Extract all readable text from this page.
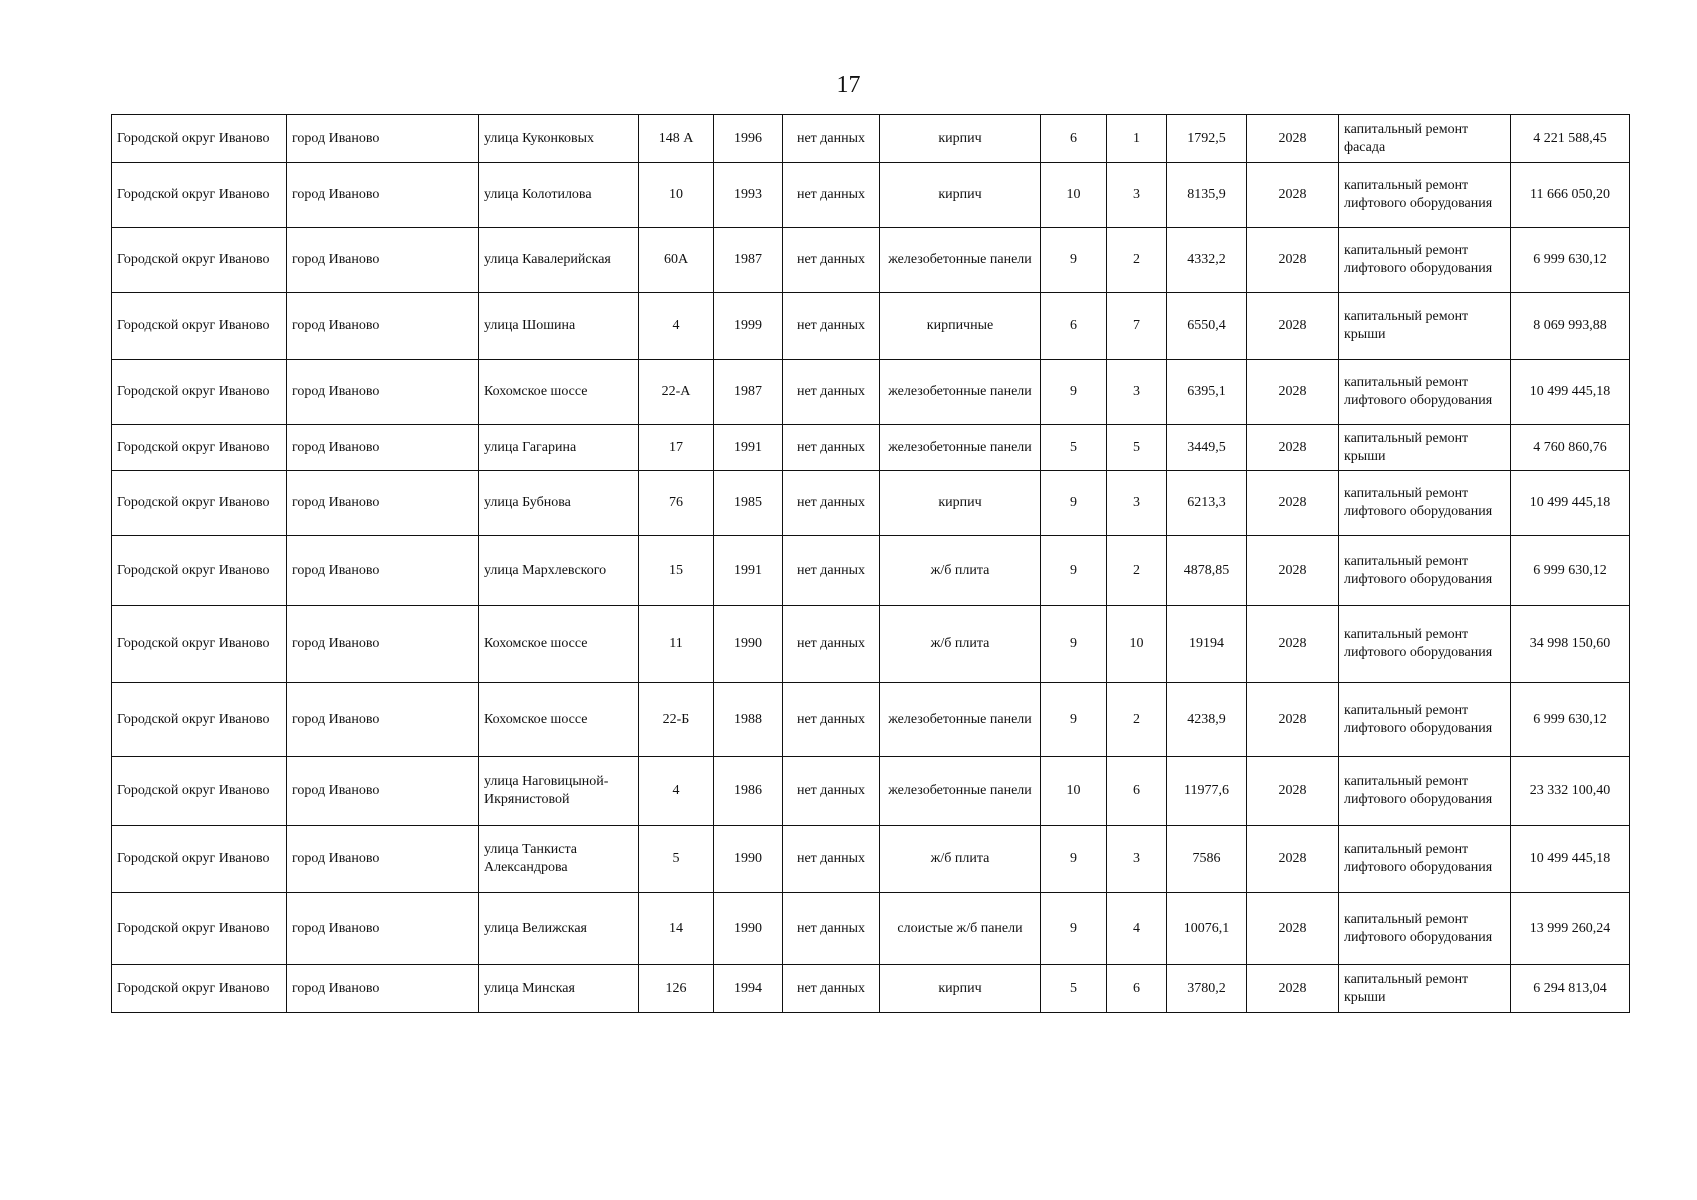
17
Городской округ Иваново	город Иваново	улица Куконковых	148 А	1996	нет данных	кирпич	6	1	1792,5	2028	капитальный ремонт фасада	4 221 588,45
Городской округ Иваново	город Иваново	улица Колотилова	10	1993	нет данных	кирпич	10	3	8135,9	2028	капитальный ремонт лифтового оборудования	11 666 050,20
Городской округ Иваново	город Иваново	улица Кавалерийская	60А	1987	нет данных	железобетонные панели	9	2	4332,2	2028	капитальный ремонт лифтового оборудования	6 999 630,12
Городской округ Иваново	город Иваново	улица Шошина	4	1999	нет данных	кирпичные	6	7	6550,4	2028	капитальный ремонт крыши	8 069 993,88
Городской округ Иваново	город Иваново	Кохомское шоссе	22-А	1987	нет данных	железобетонные панели	9	3	6395,1	2028	капитальный ремонт лифтового оборудования	10 499 445,18
Городской округ Иваново	город Иваново	улица Гагарина	17	1991	нет данных	железобетонные панели	5	5	3449,5	2028	капитальный ремонт крыши	4 760 860,76
Городской округ Иваново	город Иваново	улица Бубнова	76	1985	нет данных	кирпич	9	3	6213,3	2028	капитальный ремонт лифтового оборудования	10 499 445,18
Городской округ Иваново	город Иваново	улица Мархлевского	15	1991	нет данных	ж/б плита	9	2	4878,85	2028	капитальный ремонт лифтового оборудования	6 999 630,12
Городской округ Иваново	город Иваново	Кохомское шоссе	11	1990	нет данных	ж/б плита	9	10	19194	2028	капитальный ремонт лифтового оборудования	34 998 150,60
Городской округ Иваново	город Иваново	Кохомское шоссе	22-Б	1988	нет данных	железобетонные панели	9	2	4238,9	2028	капитальный ремонт лифтового оборудования	6 999 630,12
Городской округ Иваново	город Иваново	улица Наговицыной-Икрянистовой	4	1986	нет данных	железобетонные панели	10	6	11977,6	2028	капитальный ремонт лифтового оборудования	23 332 100,40
Городской округ Иваново	город Иваново	улица Танкиста Александрова	5	1990	нет данных	ж/б плита	9	3	7586	2028	капитальный ремонт лифтового оборудования	10 499 445,18
Городской округ Иваново	город Иваново	улица Велижская	14	1990	нет данных	слоистые ж/б панели	9	4	10076,1	2028	капитальный ремонт лифтового оборудования	13 999 260,24
Городской округ Иваново	город Иваново	улица Минская	126	1994	нет данных	кирпич	5	6	3780,2	2028	капитальный ремонт крыши	6 294 813,04
